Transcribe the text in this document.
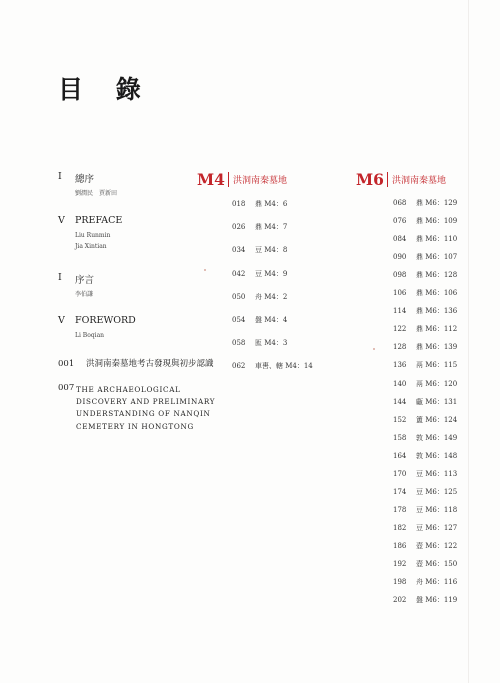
目 錄
I 總序
劉潤民　賈新田
V PREFACE
Liu Runmin
Jia Xintian
I 序言
李伯謙
V FOREWORD
Li Boqian
001 洪洞南秦墓地考古發現與初步認識
007 THE ARCHAEOLOGICAL
DISCOVERY AND PRELIMINARY
UNDERSTANDING OF NANQIN
CEMETERY IN HONGTONG
M4 洪洞南秦墓地
018 鼎 M4：6
026 鼎 M4：7
034 豆 M4：8
042 豆 M4：9
050 舟 M4：2
054 盤 M4：4
058 匜 M4：3
062 車軎、轄 M4：14
M6 洪洞南秦墓地
068 鼎 M6：129
076 鼎 M6：109
084 鼎 M6：110
090 鼎 M6：107
098 鼎 M6：128
106 鼎 M6：106
114 鼎 M6：136
122 鼎 M6：112
128 鼎 M6：139
136 鬲 M6：115
140 鬲 M6：120
144 甗 M6：131
152 簠 M6：124
158 敦 M6：149
164 敦 M6：148
170 豆 M6：113
174 豆 M6：125
178 豆 M6：118
182 豆 M6：127
186 壺 M6：122
192 壺 M6：150
198 舟 M6：116
202 盤 M6：119
